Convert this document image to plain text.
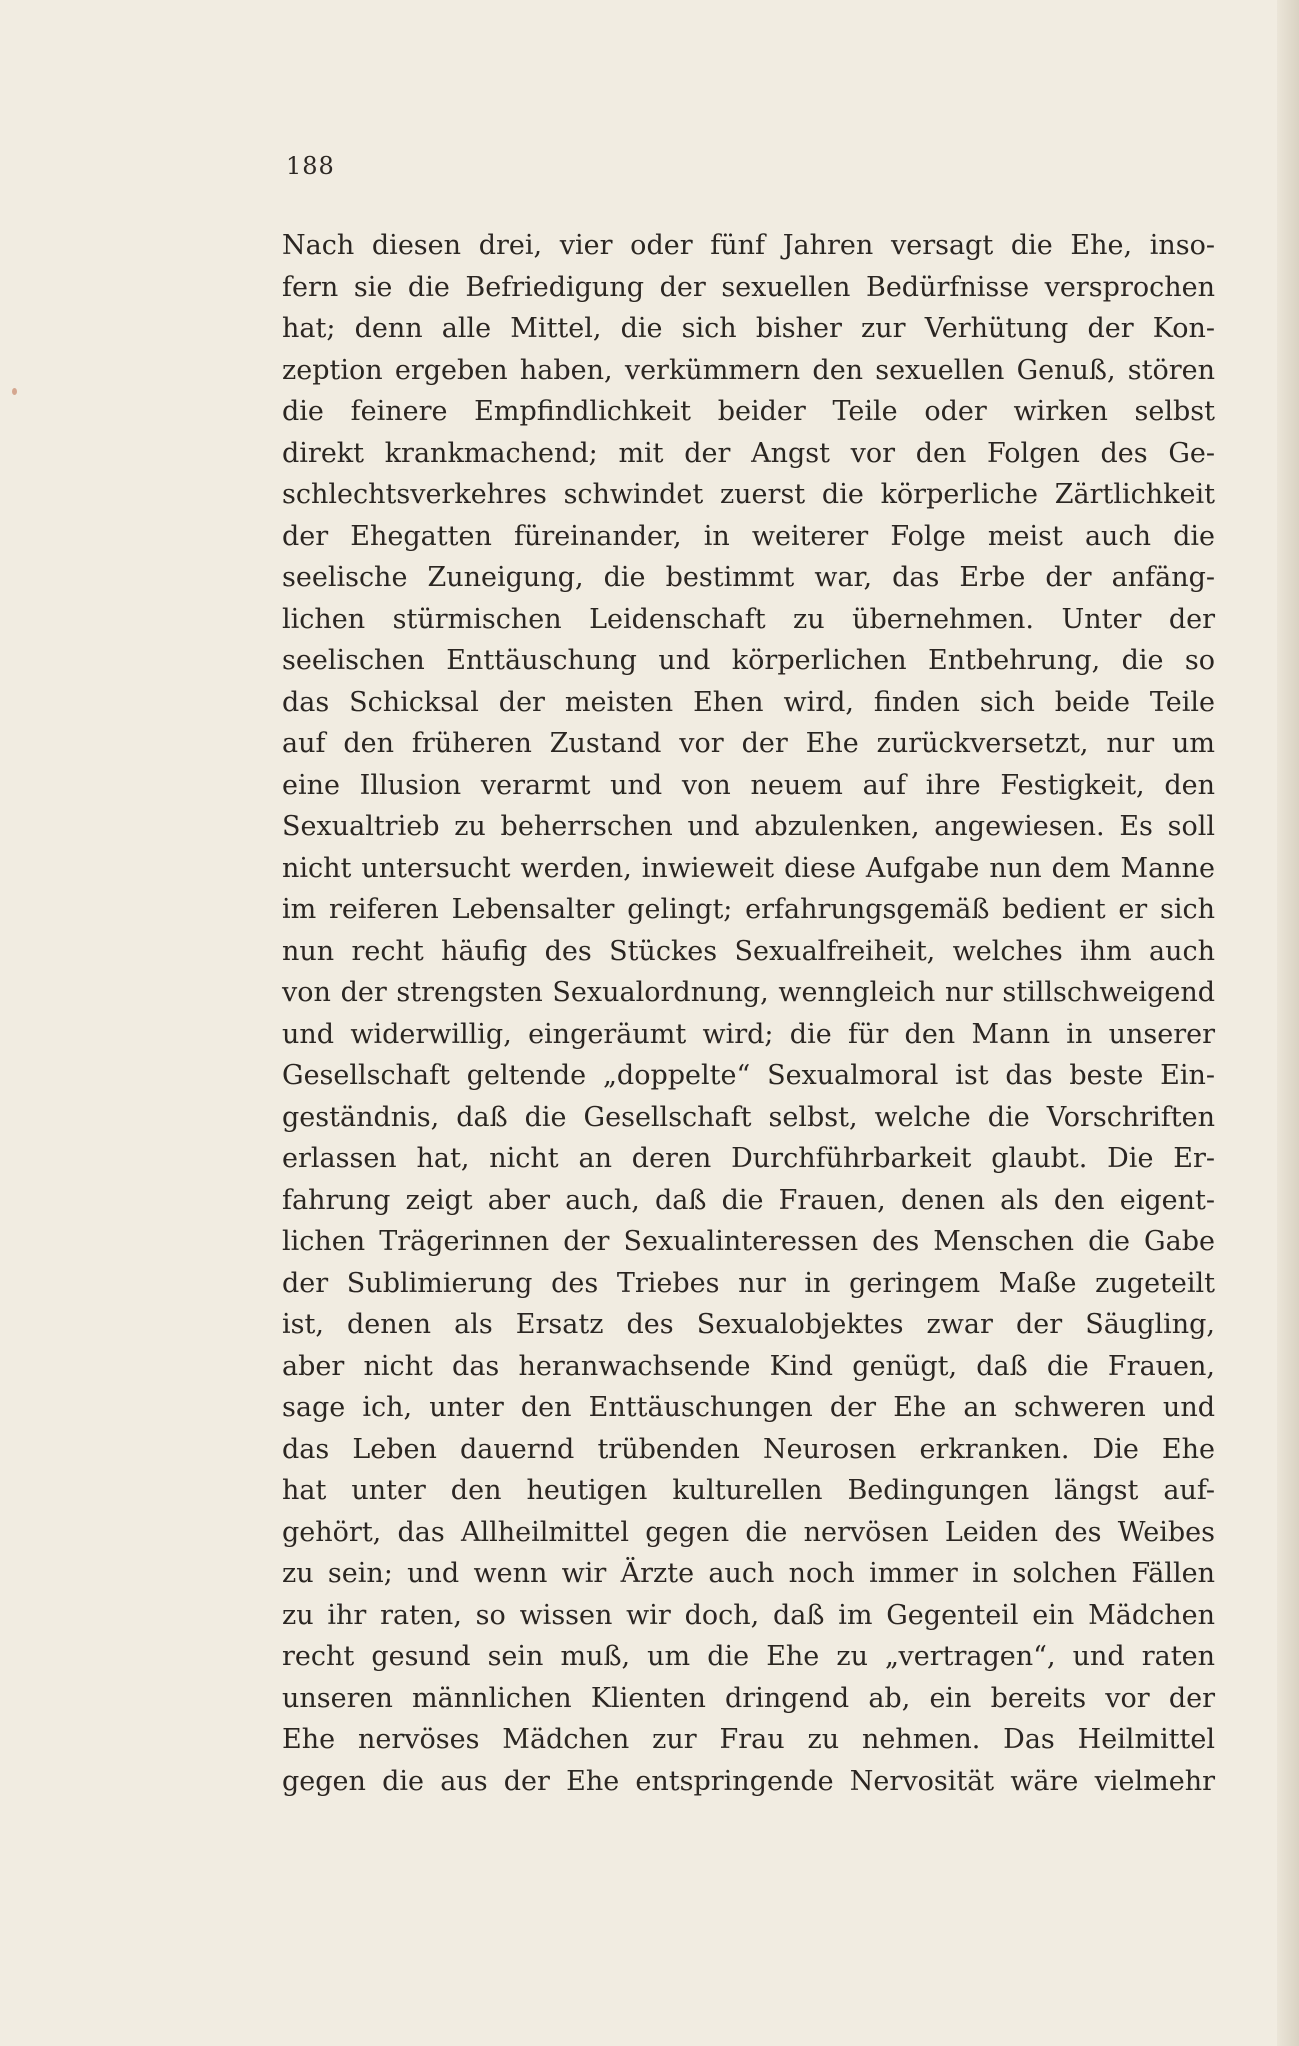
188
Nach diesen drei, vier oder fünf Jahren versagt die Ehe, inso-
fern sie die Befriedigung der sexuellen Bedürfnisse versprochen
hat; denn alle Mittel, die sich bisher zur Verhütung der Kon-
zeption ergeben haben, verkümmern den sexuellen Genuß, stören
die feinere Empfindlichkeit beider Teile oder wirken selbst
direkt krankmachend; mit der Angst vor den Folgen des Ge-
schlechtsverkehres schwindet zuerst die körperliche Zärtlichkeit
der Ehegatten füreinander, in weiterer Folge meist auch die
seelische Zuneigung, die bestimmt war, das Erbe der anfäng-
lichen stürmischen Leidenschaft zu übernehmen. Unter der
seelischen Enttäuschung und körperlichen Entbehrung, die so
das Schicksal der meisten Ehen wird, finden sich beide Teile
auf den früheren Zustand vor der Ehe zurückversetzt, nur um
eine Illusion verarmt und von neuem auf ihre Festigkeit, den
Sexualtrieb zu beherrschen und abzulenken, angewiesen. Es soll
nicht untersucht werden, inwieweit diese Aufgabe nun dem Manne
im reiferen Lebensalter gelingt; erfahrungsgemäß bedient er sich
nun recht häufig des Stückes Sexualfreiheit, welches ihm auch
von der strengsten Sexualordnung, wenngleich nur stillschweigend
und widerwillig, eingeräumt wird; die für den Mann in unserer
Gesellschaft geltende „doppelte“ Sexualmoral ist das beste Ein-
geständnis, daß die Gesellschaft selbst, welche die Vorschriften
erlassen hat, nicht an deren Durchführbarkeit glaubt. Die Er-
fahrung zeigt aber auch, daß die Frauen, denen als den eigent-
lichen Trägerinnen der Sexualinteressen des Menschen die Gabe
der Sublimierung des Triebes nur in geringem Maße zugeteilt
ist, denen als Ersatz des Sexualobjektes zwar der Säugling,
aber nicht das heranwachsende Kind genügt, daß die Frauen,
sage ich, unter den Enttäuschungen der Ehe an schweren und
das Leben dauernd trübenden Neurosen erkranken. Die Ehe
hat unter den heutigen kulturellen Bedingungen längst auf-
gehört, das Allheilmittel gegen die nervösen Leiden des Weibes
zu sein; und wenn wir Ärzte auch noch immer in solchen Fällen
zu ihr raten, so wissen wir doch, daß im Gegenteil ein Mädchen
recht gesund sein muß, um die Ehe zu „vertragen“, und raten
unseren männlichen Klienten dringend ab, ein bereits vor der
Ehe nervöses Mädchen zur Frau zu nehmen. Das Heilmittel
gegen die aus der Ehe entspringende Nervosität wäre vielmehr
